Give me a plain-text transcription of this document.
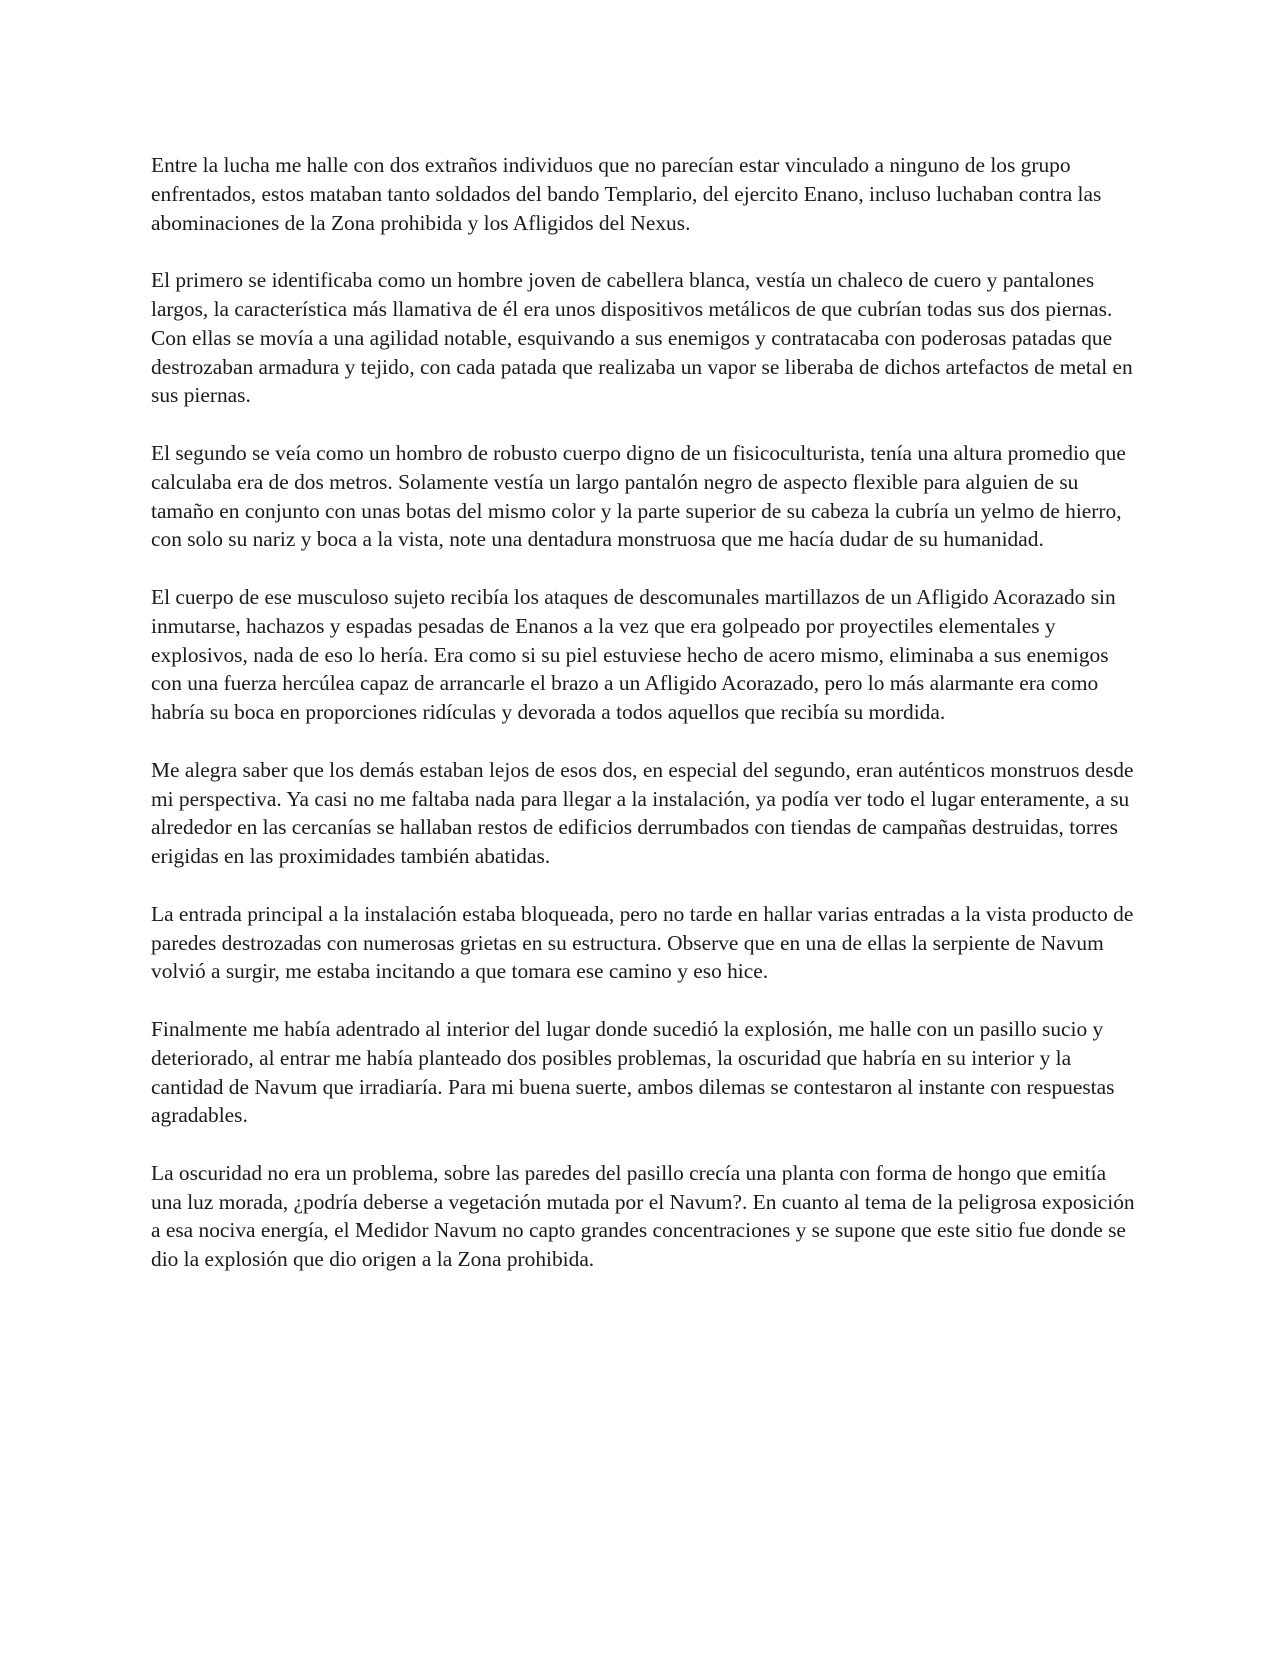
Entre la lucha me halle con dos extraños individuos que no parecían estar vinculado a ninguno de los grupo enfrentados, estos mataban tanto soldados del bando Templario, del ejercito Enano, incluso luchaban contra las abominaciones de la Zona prohibida y los Afligidos del Nexus.

El primero se identificaba como un hombre joven de cabellera blanca, vestía un chaleco de cuero y pantalones largos, la característica más llamativa de él era unos dispositivos metálicos de que cubrían todas sus dos piernas. Con ellas se movía a una agilidad notable, esquivando a sus enemigos y contratacaba con poderosas patadas que destrozaban armadura y tejido, con cada patada que realizaba un vapor se liberaba de dichos artefactos de metal en sus piernas.

El segundo se veía como un hombro de robusto cuerpo digno de un fisicoculturista, tenía una altura promedio que calculaba era de dos metros. Solamente vestía un largo pantalón negro de aspecto flexible para alguien de su tamaño en conjunto con unas botas del mismo color y la parte superior de su cabeza la cubría un yelmo de hierro, con solo su nariz y boca a la vista, note una dentadura monstruosa que me hacía dudar de su humanidad.

El cuerpo de ese musculoso sujeto recibía los ataques de descomunales martillazos de un Afligido Acorazado sin inmutarse, hachazos y espadas pesadas de Enanos a la vez que era golpeado por proyectiles elementales y explosivos, nada de eso lo hería. Era como si su piel estuviese hecho de acero mismo, eliminaba a sus enemigos con una fuerza hercúlea capaz de arrancarle el brazo a un Afligido Acorazado, pero lo más alarmante era como habría su boca en proporciones ridículas y devorada a todos aquellos que recibía su mordida.

Me alegra saber que los demás estaban lejos de esos dos, en especial del segundo, eran auténticos monstruos desde mi perspectiva. Ya casi no me faltaba nada para llegar a la instalación, ya podía ver todo el lugar enteramente, a su alrededor en las cercanías se hallaban restos de edificios derrumbados con tiendas de campañas destruidas, torres erigidas en las proximidades también abatidas.

La entrada principal a la instalación estaba bloqueada, pero no tarde en hallar varias entradas a la vista producto de paredes destrozadas con numerosas grietas en su estructura. Observe que en una de ellas la serpiente de Navum volvió a surgir, me estaba incitando a que tomara ese camino y eso hice.

Finalmente me había adentrado al interior del lugar donde sucedió la explosión, me halle con un pasillo sucio y deteriorado, al entrar me había planteado dos posibles problemas, la oscuridad que habría en su interior y la cantidad de Navum que irradiaría. Para mi buena suerte, ambos dilemas se contestaron al instante con respuestas agradables.

La oscuridad no era un problema, sobre las paredes del pasillo crecía una planta con forma de hongo que emitía una luz morada, ¿podría deberse a vegetación mutada por el Navum?. En cuanto al tema de la peligrosa exposición a esa nociva energía, el Medidor Navum no capto grandes concentraciones y se supone que este sitio fue donde se dio la explosión que dio origen a la Zona prohibida.
